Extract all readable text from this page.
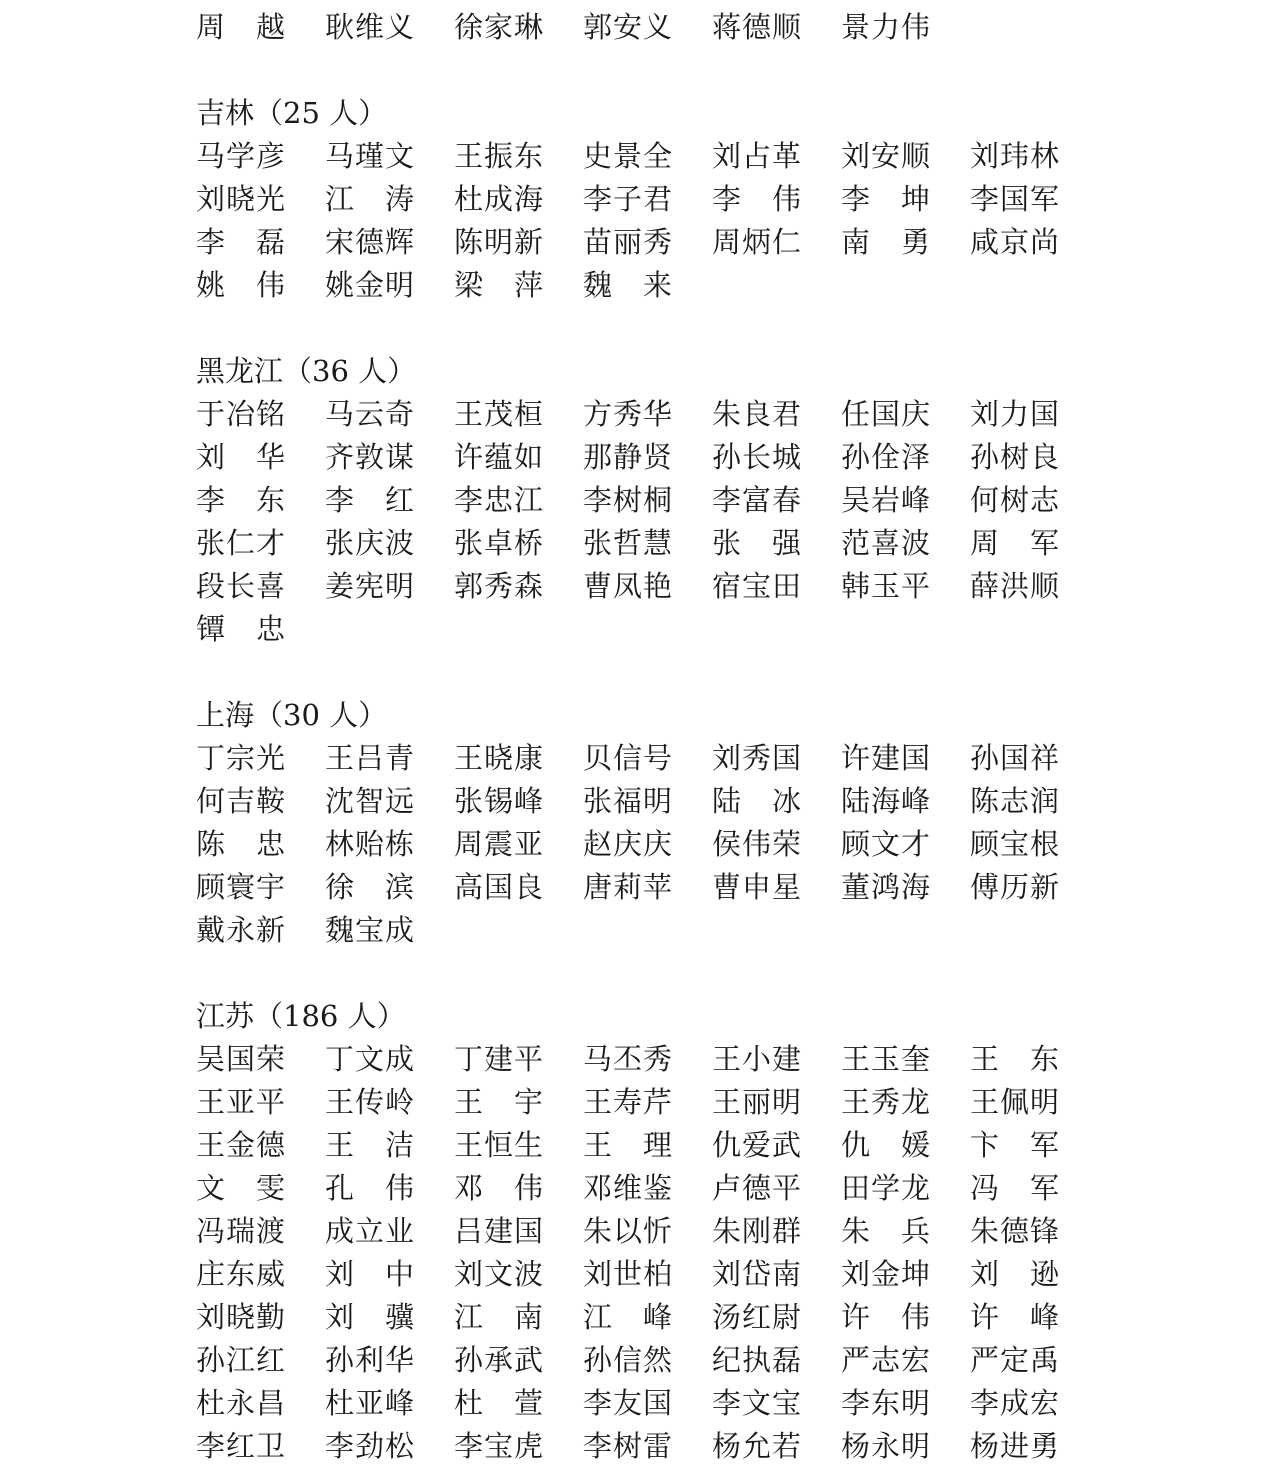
周 越	耿维义	徐家琳	郭安义	蒋德顺	景力伟
吉林（25 人）
马学彦	马瑾文	王振东	史景全	刘占革	刘安顺	刘玮林
刘晓光	江 涛	杜成海	李子君	李 伟	李 坤	李国军
李 磊	宋德辉	陈明新	苗丽秀	周炳仁	南 勇	咸京尚
姚 伟	姚金明	梁 萍	魏 来
黑龙江（36 人）
于冶铭	马云奇	王茂桓	方秀华	朱良君	任国庆	刘力国
刘 华	齐敦谋	许蕴如	那静贤	孙长城	孙佺泽	孙树良
李 东	李 红	李忠江	李树桐	李富春	吴岩峰	何树志
张仁才	张庆波	张卓桥	张哲慧	张 强	范喜波	周 军
段长喜	姜宪明	郭秀森	曹凤艳	宿宝田	韩玉平	薛洪顺
镡 忠
上海（30 人）
丁宗光	王吕青	王晓康	贝信号	刘秀国	许建国	孙国祥
何吉鞍	沈智远	张锡峰	张福明	陆 冰	陆海峰	陈志润
陈 忠	林贻栋	周震亚	赵庆庆	侯伟荣	顾文才	顾宝根
顾寰宇	徐 滨	高国良	唐莉苹	曹申星	董鸿海	傅历新
戴永新	魏宝成
江苏（186 人）
吴国荣	丁文成	丁建平	马丕秀	王小建	王玉奎	王 东
王亚平	王传岭	王 宇	王寿芹	王丽明	王秀龙	王佩明
王金德	王 洁	王恒生	王 理	仇爱武	仇 媛	卞 军
文 雯	孔 伟	邓 伟	邓维鉴	卢德平	田学龙	冯 军
冯瑞渡	成立业	吕建国	朱以忻	朱刚群	朱 兵	朱德锋
庄东威	刘 中	刘文波	刘世柏	刘岱南	刘金坤	刘 逊
刘晓勤	刘 骥	江 南	江 峰	汤红尉	许 伟	许 峰
孙江红	孙利华	孙承武	孙信然	纪执磊	严志宏	严定禹
杜永昌	杜亚峰	杜 萱	李友国	李文宝	李东明	李成宏
李红卫	李劲松	李宝虎	李树雷	杨允若	杨永明	杨进勇
